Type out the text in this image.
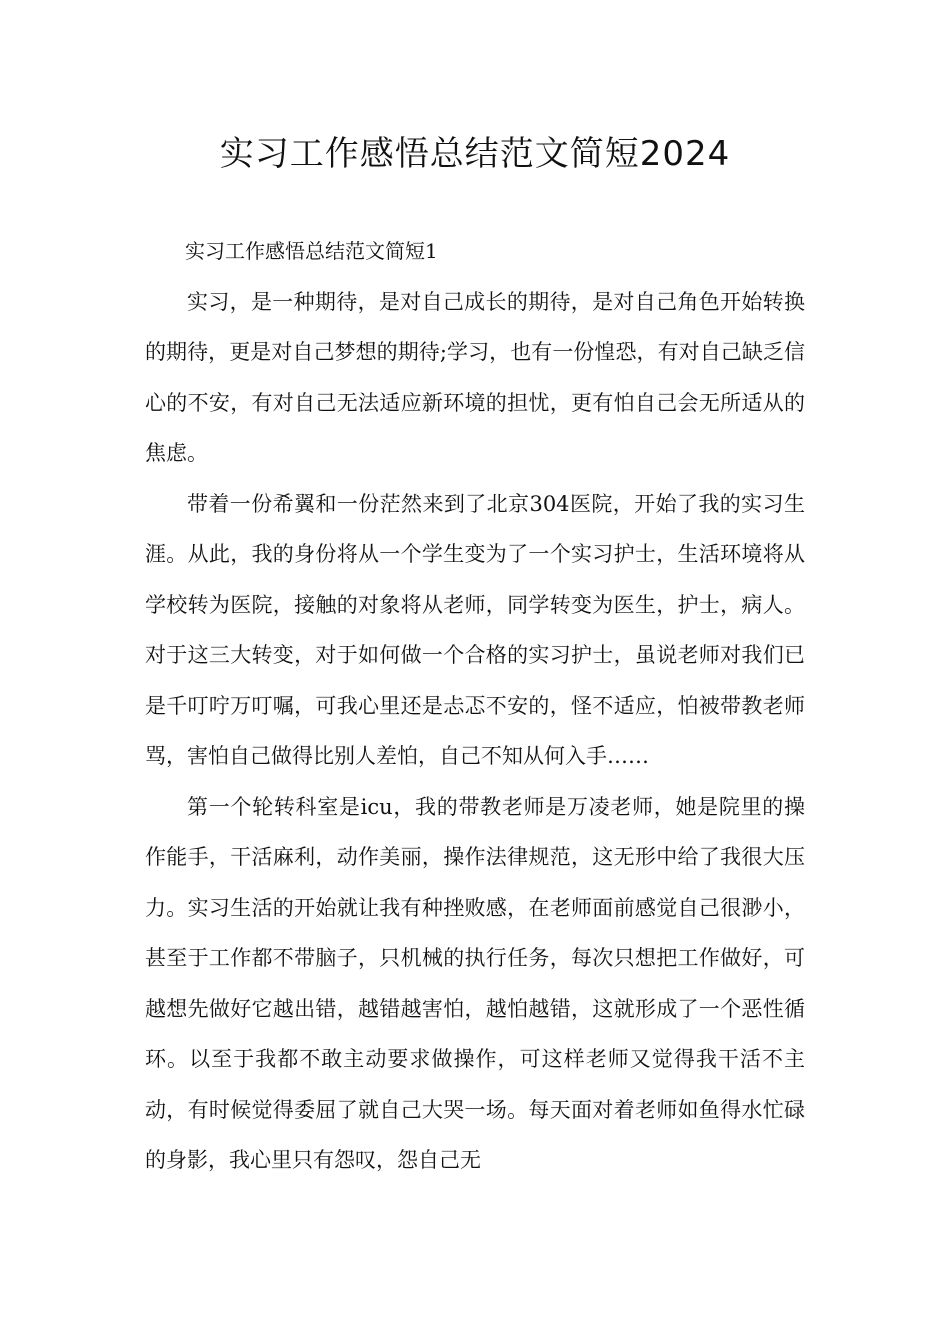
实习工作感悟总结范文简短2024
实习工作感悟总结范文简短1

实习，是一种期待，是对自己成长的期待，是对自己角色开始转换的期待，更是对自己梦想的期待;学习，也有一份惶恐，有对自己缺乏信心的不安，有对自己无法适应新环境的担忧，更有怕自己会无所适从的焦虑。

带着一份希翼和一份茫然来到了北京304医院，开始了我的实习生涯。从此，我的身份将从一个学生变为了一个实习护士，生活环境将从学校转为医院，接触的对象将从老师，同学转变为医生，护士，病人。对于这三大转变，对于如何做一个合格的实习护士，虽说老师对我们已是千叮咛万叮嘱，可我心里还是忐忑不安的，怪不适应，怕被带教老师骂，害怕自己做得比别人差怕，自己不知从何入手……

第一个轮转科室是icu，我的带教老师是万凌老师，她是院里的操作能手，干活麻利，动作美丽，操作法律规范，这无形中给了我很大压力。实习生活的开始就让我有种挫败感，在老师面前感觉自己很渺小，甚至于工作都不带脑子，只机械的执行任务，每次只想把工作做好，可越想先做好它越出错，越错越害怕，越怕越错，这就形成了一个恶性循环。以至于我都不敢主动要求做操作，可这样老师又觉得我干活不主动，有时候觉得委屈了就自己大哭一场。每天面对着老师如鱼得水忙碌的身影，我心里只有怨叹，怨自己无
